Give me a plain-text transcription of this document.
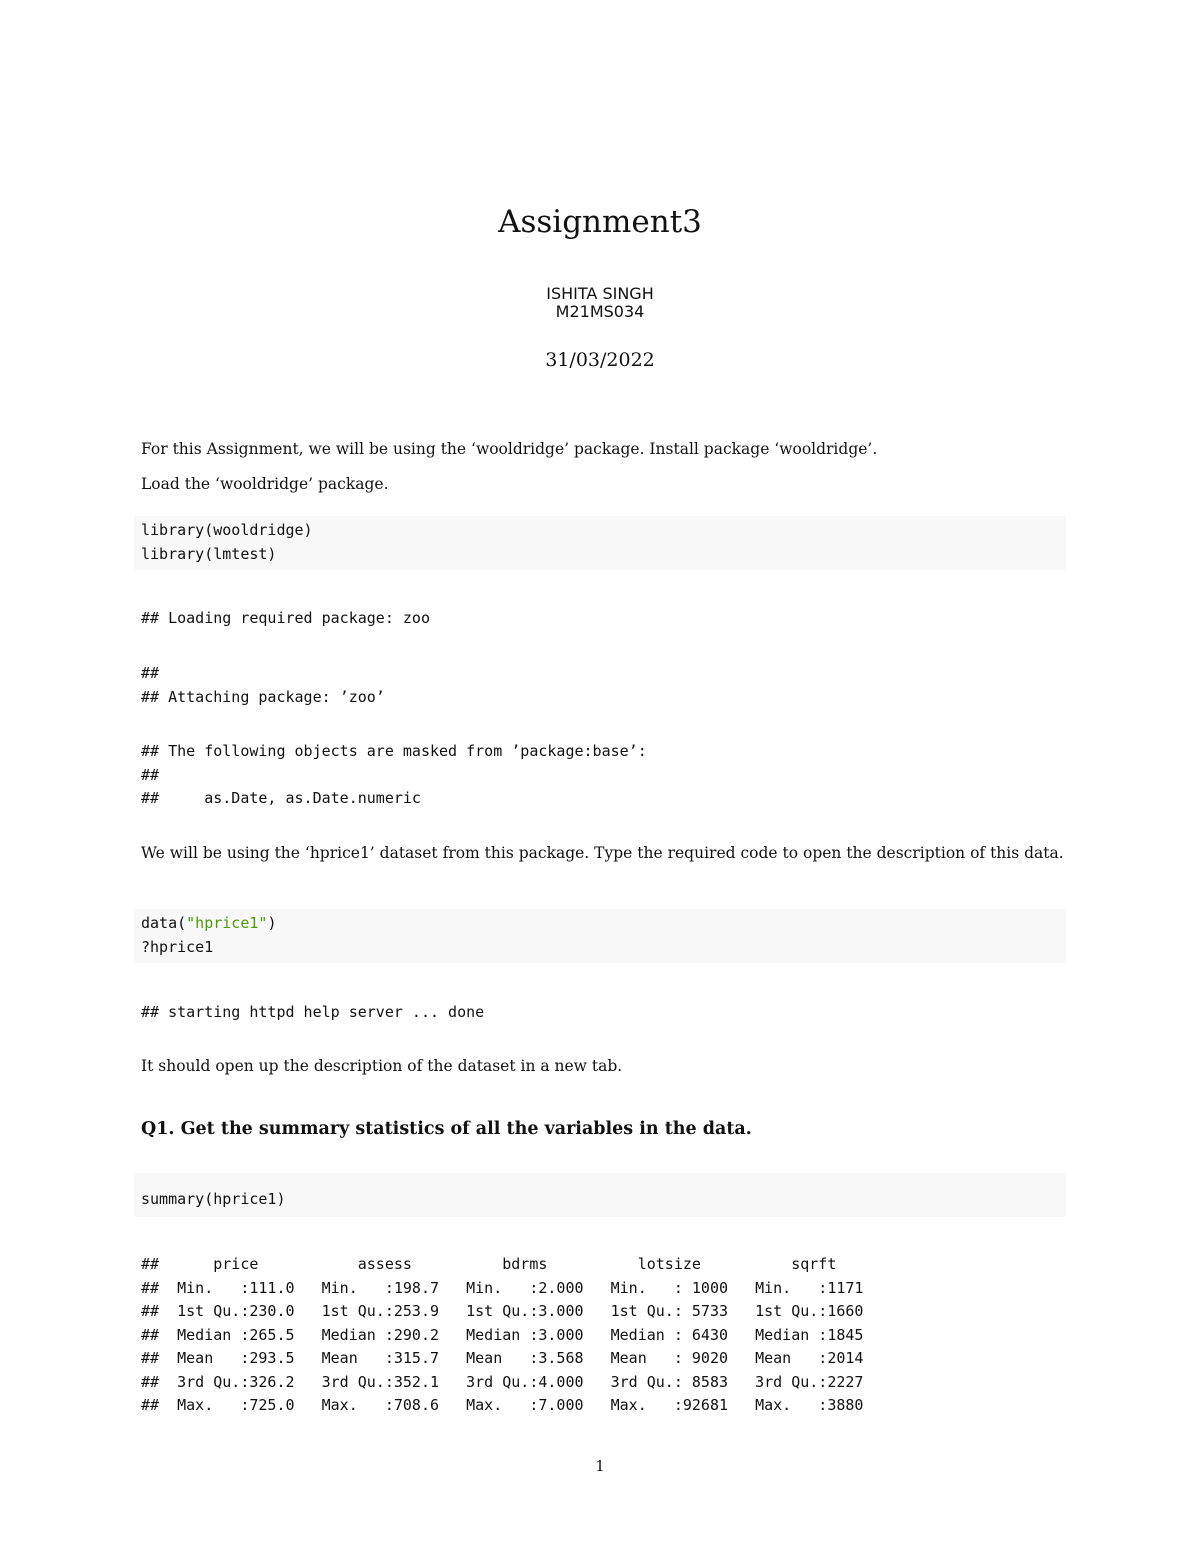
Assignment3
ISHITA SINGH
M21MS034
31/03/2022
For this Assignment, we will be using the ‘wooldridge’ package. Install package ‘wooldridge’.
Load the ‘wooldridge’ package.
library(wooldridge)
library(lmtest)
## Loading required package: zoo
##
## Attaching package: ’zoo’
## The following objects are masked from ’package:base’:
##
##     as.Date, as.Date.numeric
We will be using the ‘hprice1’ dataset from this package. Type the required code to open the description of this data.
data("hprice1")
?hprice1
## starting httpd help server ... done
It should open up the description of the dataset in a new tab.
Q1. Get the summary statistics of all the variables in the data.
summary(hprice1)
##      price           assess          bdrms          lotsize          sqrft
##  Min.   :111.0   Min.   :198.7   Min.   :2.000   Min.   : 1000   Min.   :1171
##  1st Qu.:230.0   1st Qu.:253.9   1st Qu.:3.000   1st Qu.: 5733   1st Qu.:1660
##  Median :265.5   Median :290.2   Median :3.000   Median : 6430   Median :1845
##  Mean   :293.5   Mean   :315.7   Mean   :3.568   Mean   : 9020   Mean   :2014
##  3rd Qu.:326.2   3rd Qu.:352.1   3rd Qu.:4.000   3rd Qu.: 8583   3rd Qu.:2227
##  Max.   :725.0   Max.   :708.6   Max.   :7.000   Max.   :92681   Max.   :3880
1
